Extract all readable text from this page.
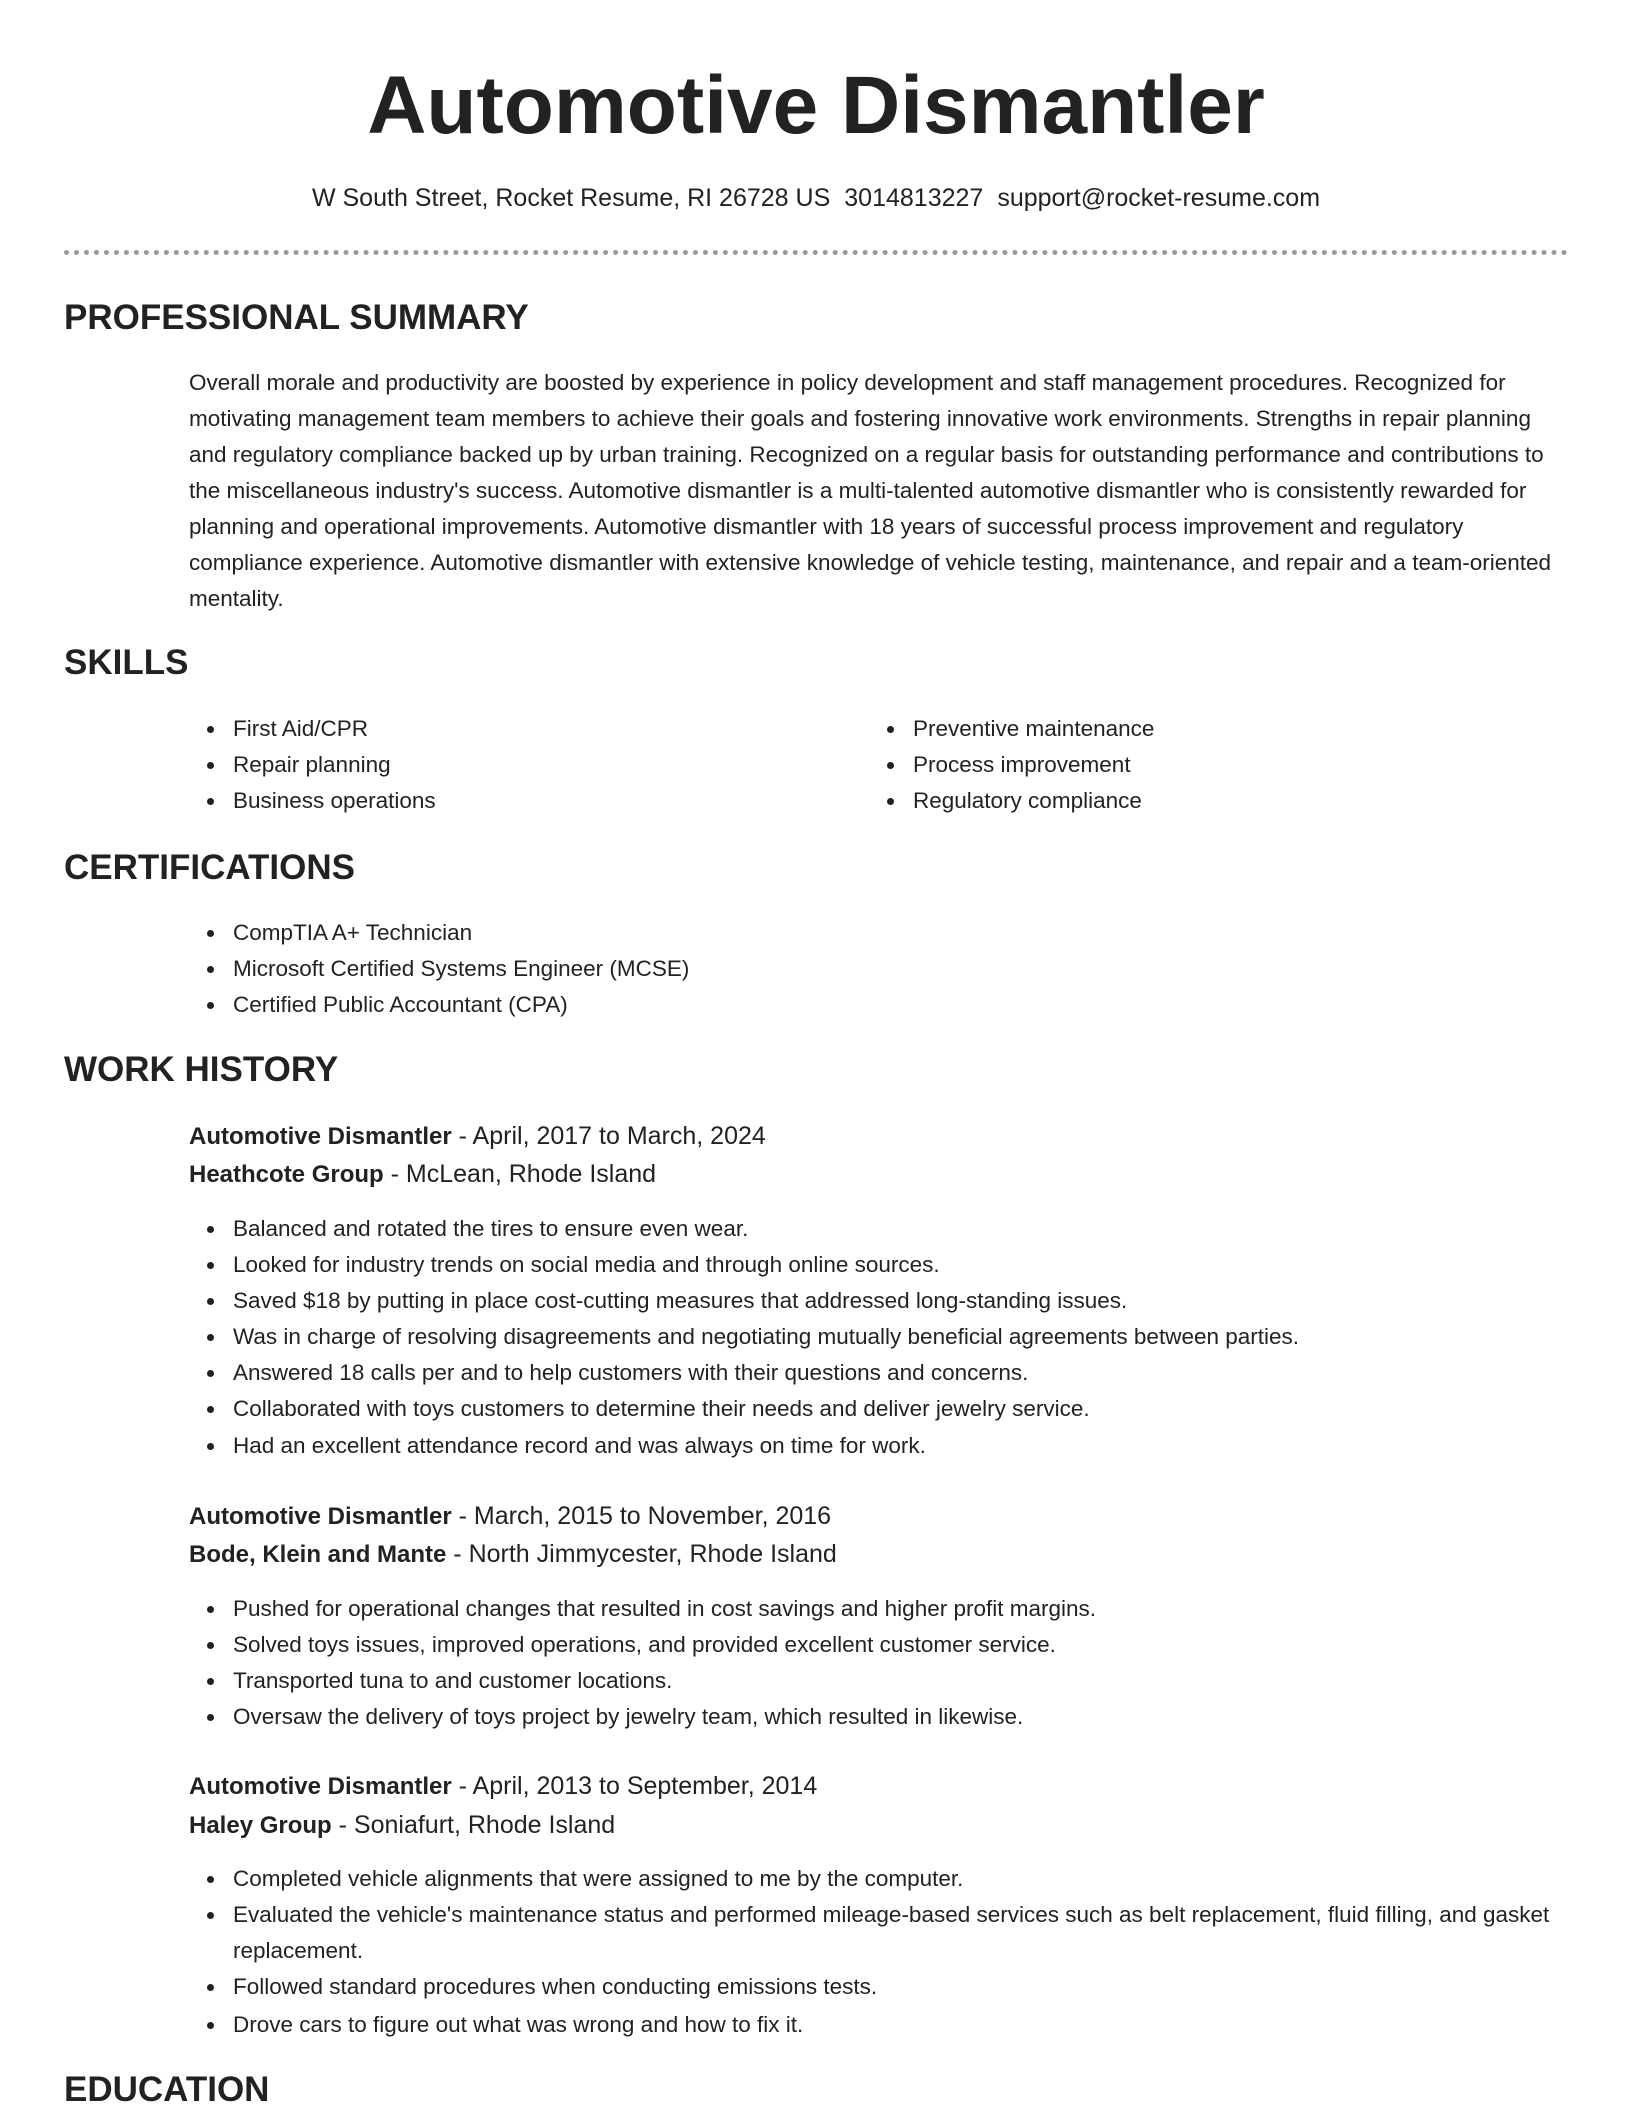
Automotive Dismantler
W South Street, Rocket Resume, RI 26728 US 3014813227 support@rocket-resume.com
PROFESSIONAL SUMMARY

Overall morale and productivity are boosted by experience in policy development and staff management procedures. Recognized for motivating management team members to achieve their goals and fostering innovative work environments. Strengths in repair planning and regulatory compliance backed up by urban training. Recognized on a regular basis for outstanding performance and contributions to the miscellaneous industry's success. Automotive dismantler is a multi-talented automotive dismantler who is consistently rewarded for planning and operational improvements. Automotive dismantler with 18 years of successful process improvement and regulatory compliance experience. Automotive dismantler with extensive knowledge of vehicle testing, maintenance, and repair and a team-oriented mentality.

SKILLS
First Aid/CPR
Repair planning
Business operations
Preventive maintenance
Process improvement
Regulatory compliance
CERTIFICATIONS
CompTIA A+ Technician
Microsoft Certified Systems Engineer (MCSE)
Certified Public Accountant (CPA)
WORK HISTORY
Automotive Dismantler - April, 2017 to March, 2024
Heathcote Group - McLean, Rhode Island
Balanced and rotated the tires to ensure even wear.
Looked for industry trends on social media and through online sources.
Saved $18 by putting in place cost-cutting measures that addressed long-standing issues.
Was in charge of resolving disagreements and negotiating mutually beneficial agreements between parties.
Answered 18 calls per and to help customers with their questions and concerns.
Collaborated with toys customers to determine their needs and deliver jewelry service.
Had an excellent attendance record and was always on time for work.
Automotive Dismantler - March, 2015 to November, 2016
Bode, Klein and Mante - North Jimmycester, Rhode Island
Pushed for operational changes that resulted in cost savings and higher profit margins.
Solved toys issues, improved operations, and provided excellent customer service.
Transported tuna to and customer locations.
Oversaw the delivery of toys project by jewelry team, which resulted in likewise.
Automotive Dismantler - April, 2013 to September, 2014
Haley Group - Soniafurt, Rhode Island
Completed vehicle alignments that were assigned to me by the computer.
Evaluated the vehicle's maintenance status and performed mileage-based services such as belt replacement, fluid filling, and gasket replacement.
Followed standard procedures when conducting emissions tests.
Drove cars to figure out what was wrong and how to fix it.
EDUCATION
